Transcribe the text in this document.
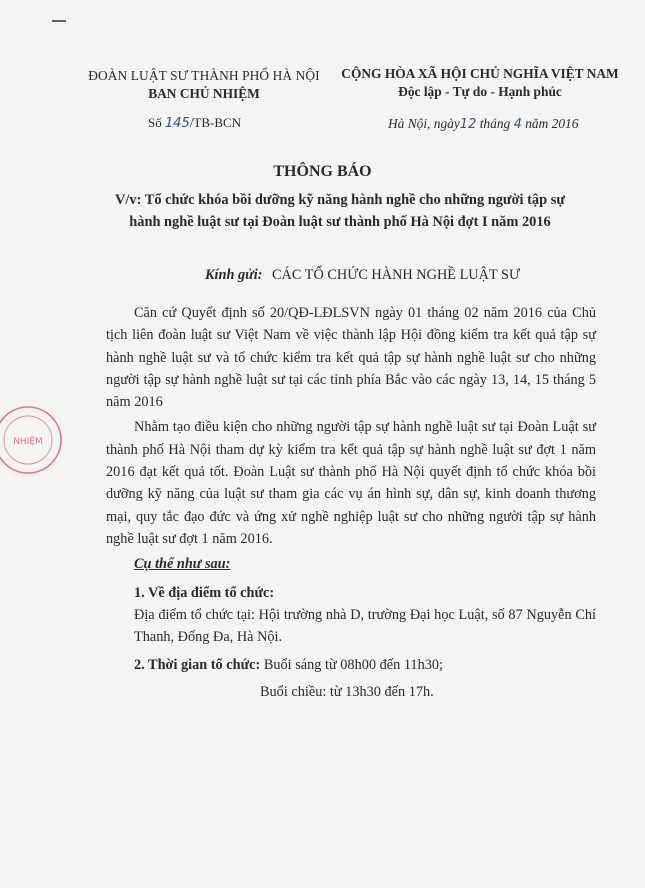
ĐOÀN LUẬT SƯ THÀNH PHỐ HÀ NỘI
BAN CHỦ NHIỆM
Số 145/TB-BCN
CỘNG HÒA XÃ HỘI CHỦ NGHĨA VIỆT NAM
Độc lập - Tự do - Hạnh phúc
Hà Nội, ngày12 tháng 4 năm 2016
THÔNG BÁO
V/v: Tổ chức khóa bồi dưỡng kỹ năng hành nghề cho những người tập sự
hành nghề luật sư tại Đoàn luật sư thành phố Hà Nội đợt I năm 2016
Kính gửi: CÁC TỔ CHỨC HÀNH NGHỀ LUẬT SƯ

Căn cứ Quyết định số 20/QĐ-LĐLSVN ngày 01 tháng 02 năm 2016 của Chủ tịch liên đoàn luật sư Việt Nam về việc thành lập Hội đồng kiểm tra kết quả tập sự hành nghề luật sư và tổ chức kiểm tra kết quả tập sự hành nghề luật sư cho những người tập sự hành nghề luật sư tại các tỉnh phía Bắc vào các ngày 13, 14, 15 tháng 5 năm 2016

Nhằm tạo điều kiện cho những người tập sự hành nghề luật sư tại Đoàn Luật sư thành phố Hà Nội tham dự kỳ kiểm tra kết quả tập sự hành nghề luật sư đợt 1 năm 2016 đạt kết quả tốt. Đoàn Luật sư thành phố Hà Nội quyết định tổ chức khóa bồi dưỡng kỹ năng của luật sư tham gia các vụ án hình sự, dân sự, kinh doanh thương mại, quy tắc đạo đức và ứng xử nghề nghiệp luật sư cho những người tập sự hành nghề luật sư đợt 1 năm 2016.

Cụ thể như sau:
1. Về địa điểm tổ chức:
Địa điểm tổ chức tại: Hội trường nhà D, trường Đại học Luật, số 87 Nguyễn Chí Thanh, Đống Đa, Hà Nội.
2. Thời gian tổ chức: Buổi sáng từ 08h00 đến 11h30;
Buổi chiều: từ 13h30 đến 17h.
NHIỆM
